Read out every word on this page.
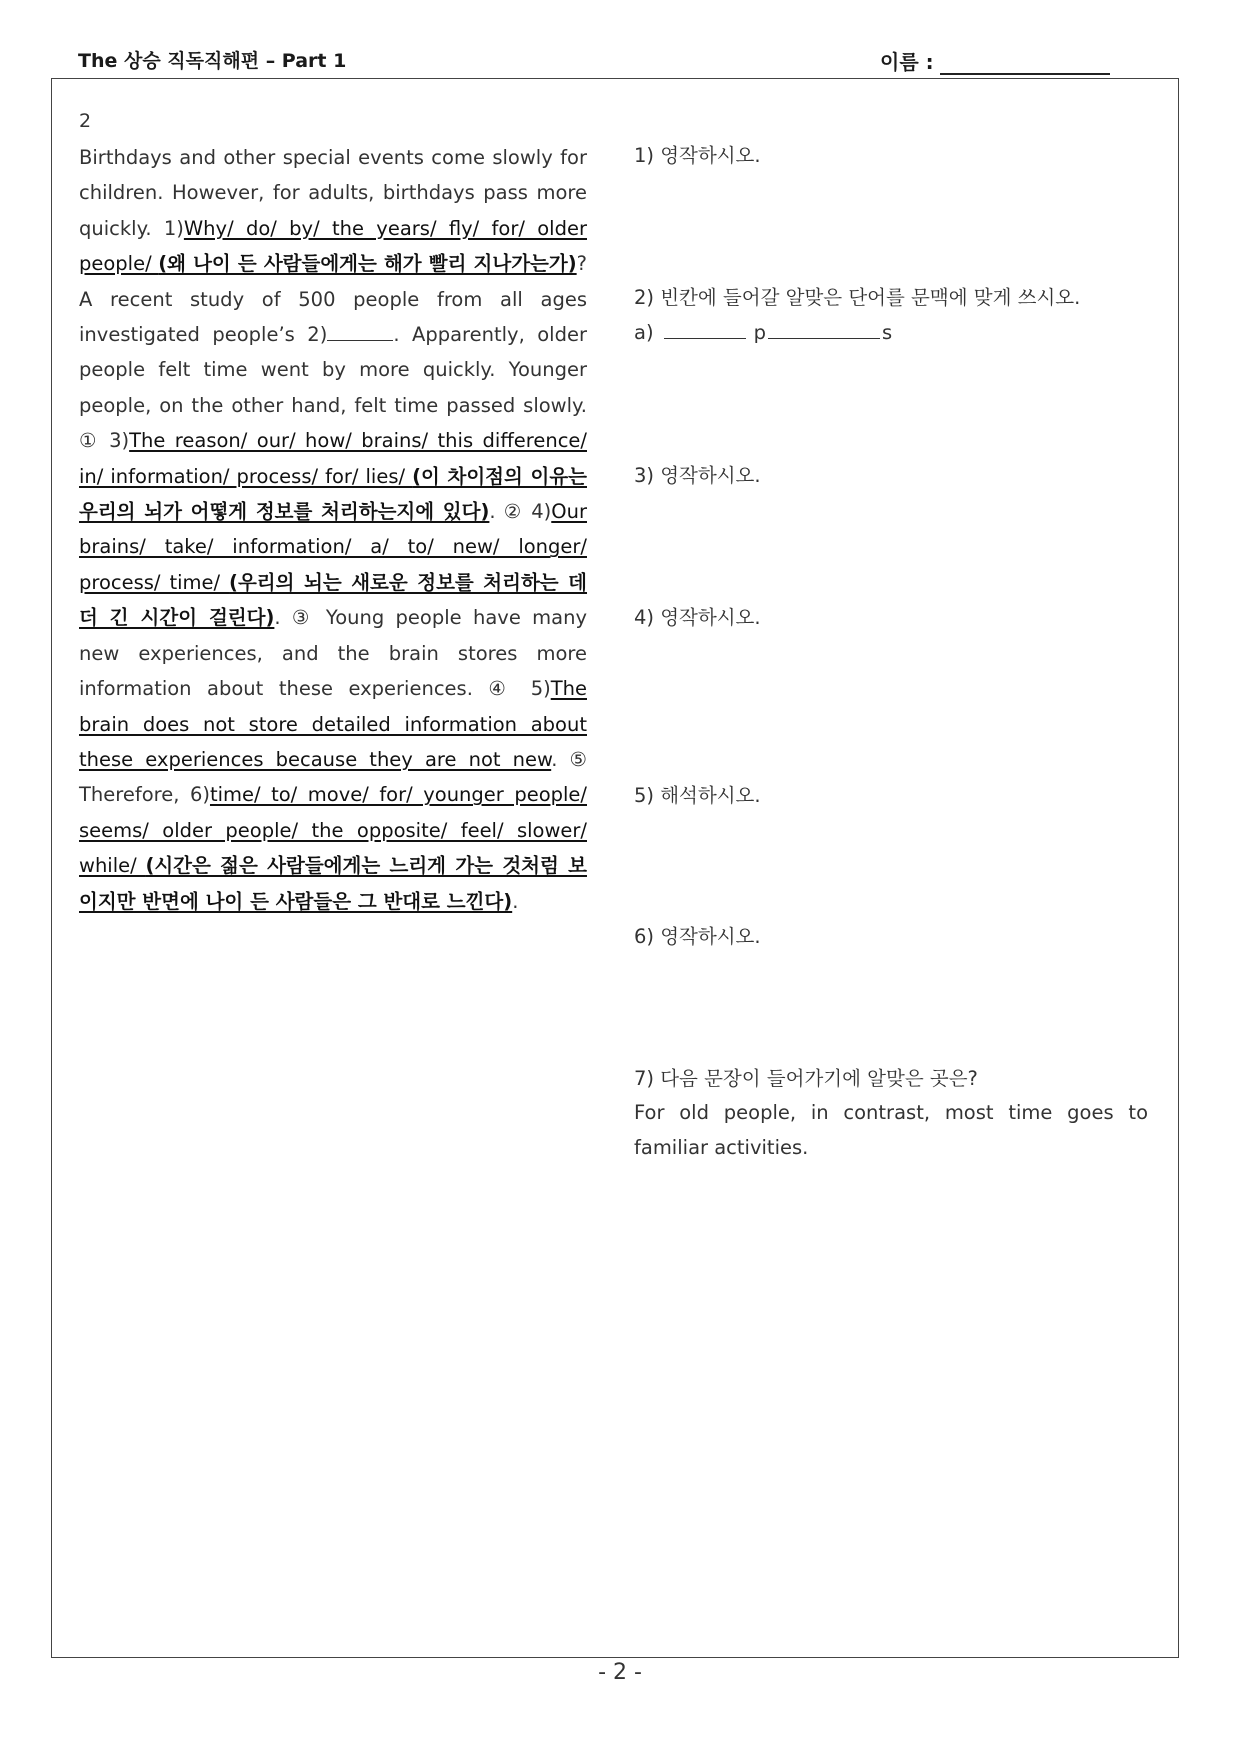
The 상승 직독직해편 – Part 1	이름 :
2
Birthdays and other special events come slowly for children. However, for adults, birthdays pass more quickly. 1)Why/ do/ by/ the years/ fly/ for/ older people/ (왜 나이 든 사람들에게는 해가 빨리 지나가는가)? A recent study of 500 people from all ages investigated people’s 2)	. Apparently, older people felt time went by more quickly. Younger people, on the other hand, felt time passed slowly. ① 3)The reason/ our/ how/ brains/ this difference/ in/ information/ process/ for/ lies/ (이 차이점의 이유는 우리의 뇌가 어떻게 정보를 처리하는지에 있다). ② 4)Our brains/ take/ information/ a/ to/ new/ longer/ process/ time/ (우리의 뇌는 새로운 정보를 처리하는 데 더 긴 시간이 걸린다). ③ Young people have many new experiences, and the brain stores more information about these experiences. ④ 5)The brain does not store detailed information about these experiences because they are not new. ⑤ Therefore, 6)time/ to/ move/ for/ younger people/ seems/ older people/ the opposite/ feel/ slower/ while/ (시간은 젊은 사람들에게는 느리게 가는 것처럼 보이지만 반면에 나이 든 사람들은 그 반대로 느낀다).
1) 영작하시오.
2) 빈칸에 들어갈 알맞은 단어를 문맥에 맞게 쓰시오.
a)	p	s
3) 영작하시오.
4) 영작하시오.
5) 해석하시오.
6) 영작하시오.
7) 다음 문장이 들어가기에 알맞은 곳은?
For old people, in contrast, most time goes to familiar activities.
- 2 -
